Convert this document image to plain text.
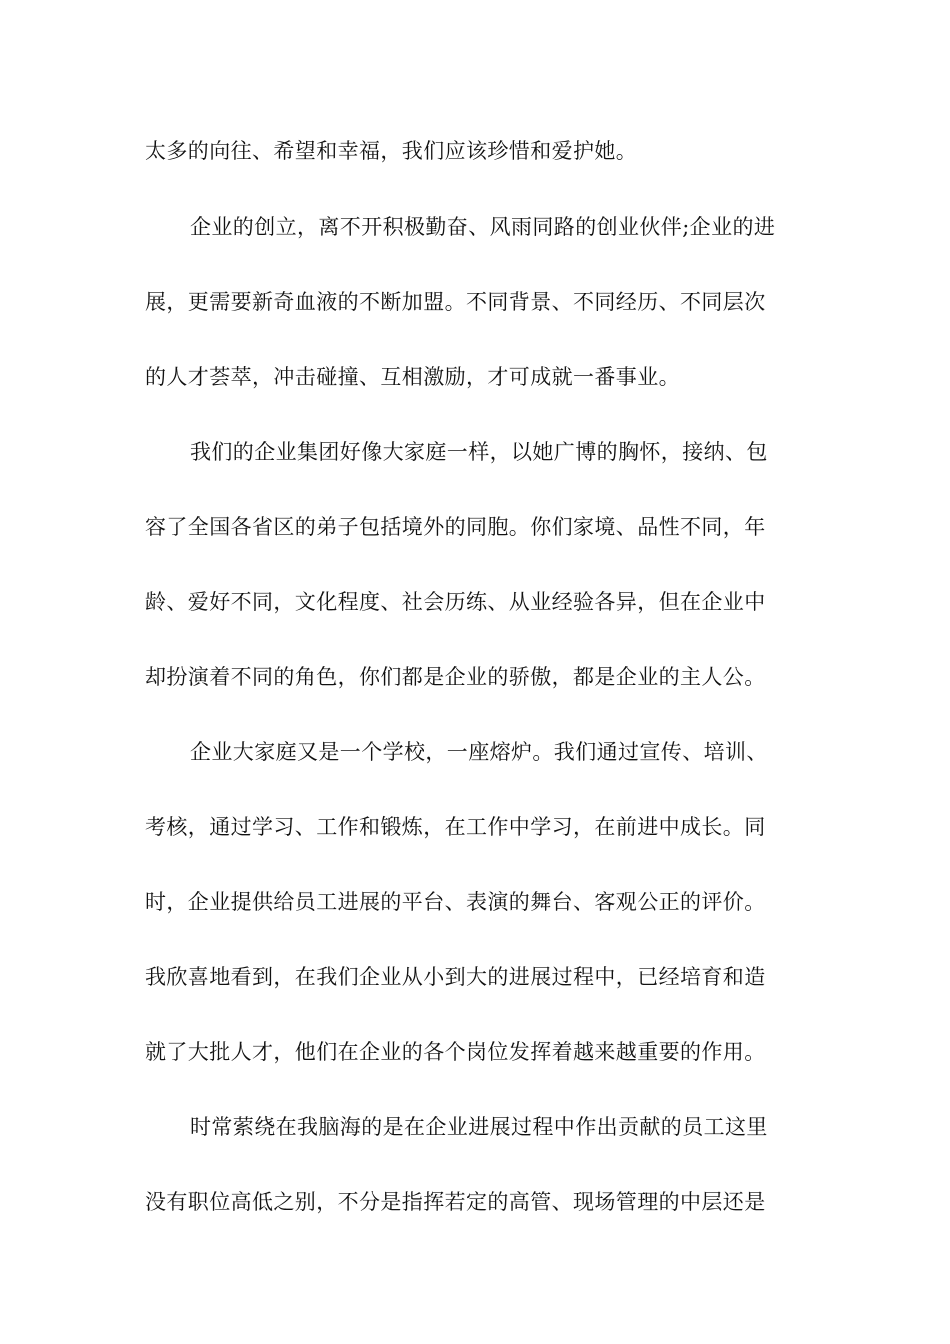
太多的向往、希望和幸福，我们应该珍惜和爱护她。
企业的创立，离不开积极勤奋、风雨同路的创业伙伴;企业的进
展，更需要新奇血液的不断加盟。不同背景、不同经历、不同层次
的人才荟萃，冲击碰撞、互相激励，才可成就一番事业。
我们的企业集团好像大家庭一样，以她广博的胸怀，接纳、包
容了全国各省区的弟子包括境外的同胞。你们家境、品性不同，年
龄、爱好不同，文化程度、社会历练、从业经验各异，但在企业中
却扮演着不同的角色，你们都是企业的骄傲，都是企业的主人公。
企业大家庭又是一个学校，一座熔炉。我们通过宣传、培训、
考核，通过学习、工作和锻炼，在工作中学习，在前进中成长。同
时，企业提供给员工进展的平台、表演的舞台、客观公正的评价。
我欣喜地看到，在我们企业从小到大的进展过程中，已经培育和造
就了大批人才，他们在企业的各个岗位发挥着越来越重要的作用。
时常萦绕在我脑海的是在企业进展过程中作出贡献的员工这里
没有职位高低之别，不分是指挥若定的高管、现场管理的中层还是
